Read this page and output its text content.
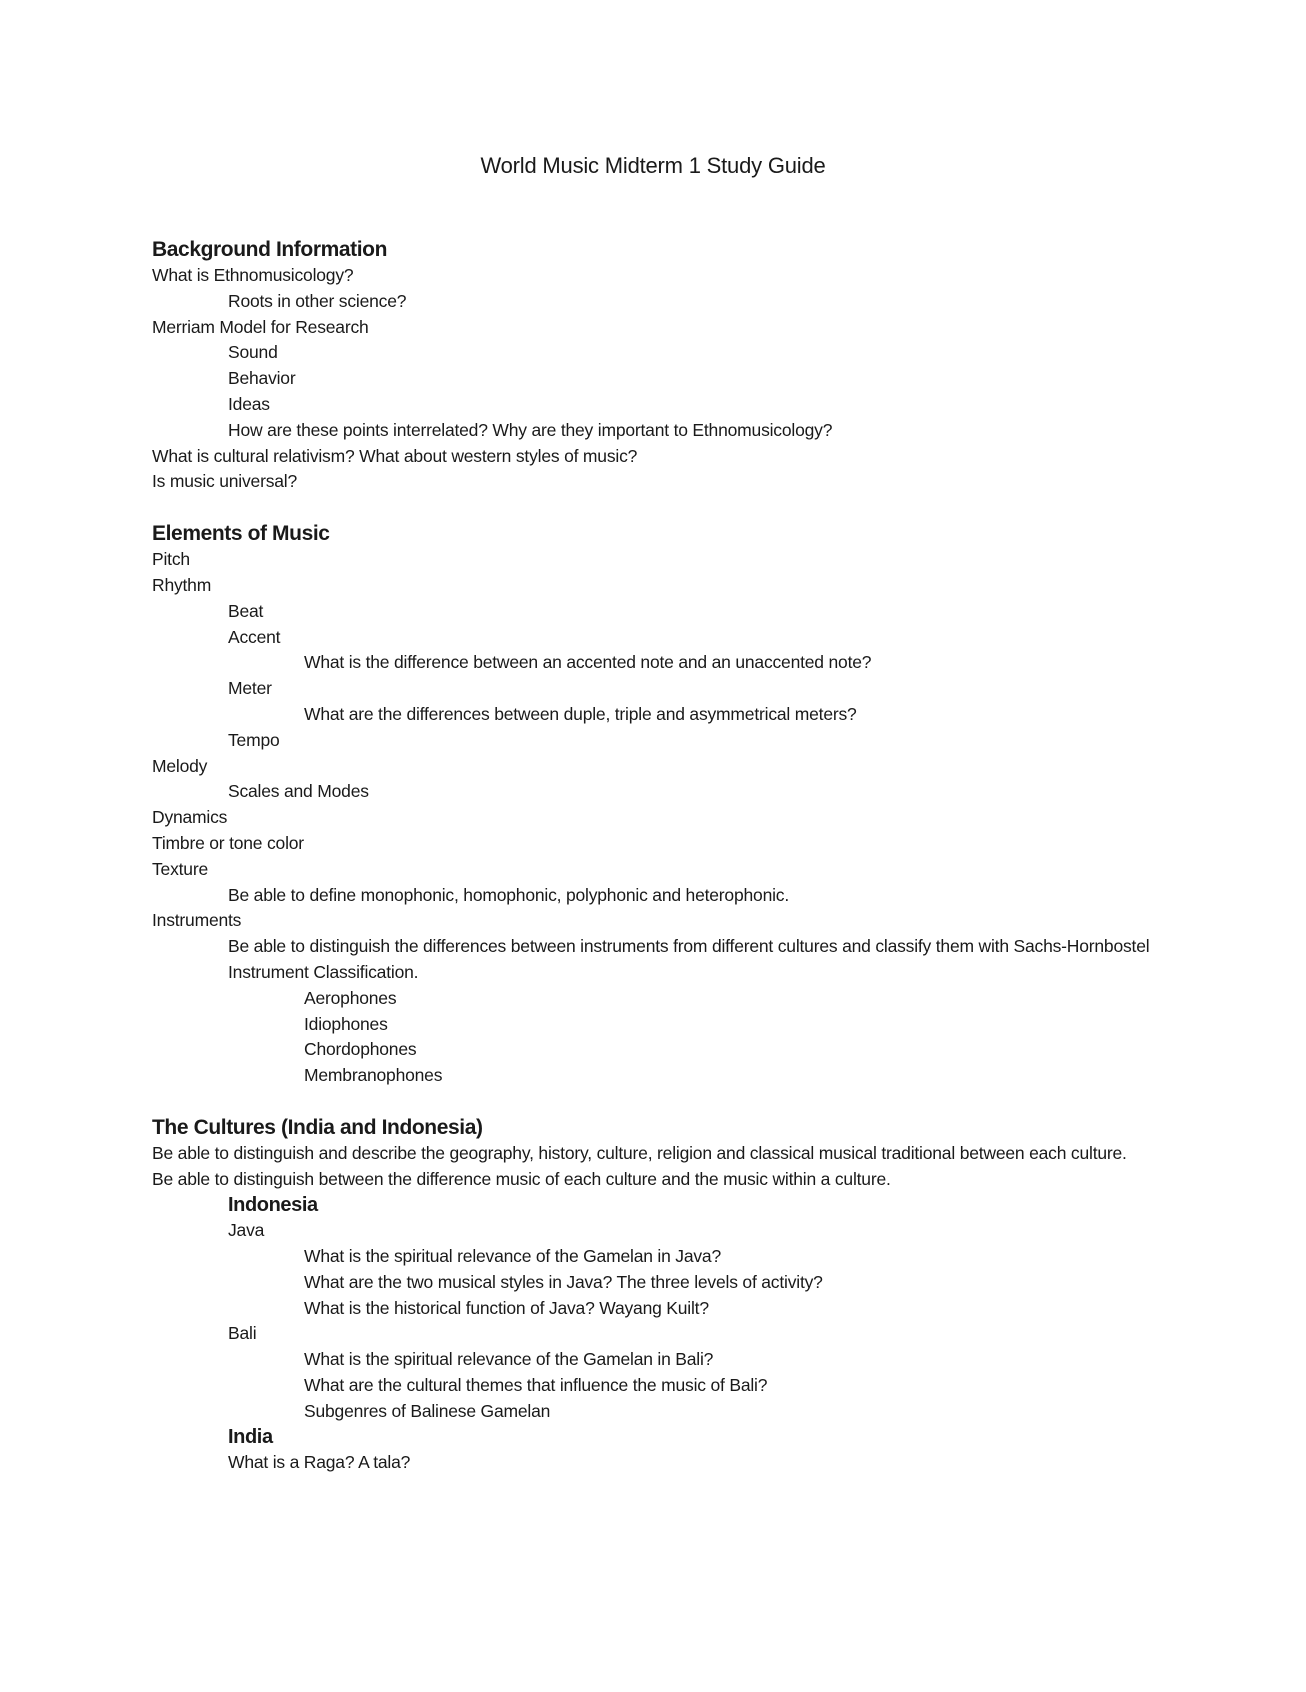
World Music Midterm 1 Study Guide
Background Information
What is Ethnomusicology?
Roots in other science?
Merriam Model for Research
Sound
Behavior
Ideas
How are these points interrelated? Why are they important to Ethnomusicology?
What is cultural relativism? What about western styles of music?
Is music universal?
Elements of Music
Pitch
Rhythm
Beat
Accent
What is the difference between an accented note and an unaccented note?
Meter
What are the differences between duple, triple and asymmetrical meters?
Tempo
Melody
Scales and Modes
Dynamics
Timbre or tone color
Texture
Be able to define monophonic, homophonic, polyphonic and heterophonic.
Instruments
Be able to distinguish the differences between instruments from different cultures and classify them with Sachs-Hornbostel Instrument Classification.
Aerophones
Idiophones
Chordophones
Membranophones
The Cultures (India and Indonesia)
Be able to distinguish and describe the geography, history, culture, religion and classical musical traditional between each culture.
Be able to distinguish between the difference music of each culture and the music within a culture.
Indonesia
Java
What is the spiritual relevance of the Gamelan in Java?
What are the two musical styles in Java? The three levels of activity?
What is the historical function of Java? Wayang Kuilt?
Bali
What is the spiritual relevance of the Gamelan in Bali?
What are the cultural themes that influence the music of Bali?
Subgenres of Balinese Gamelan
India
What is a Raga? A tala?
